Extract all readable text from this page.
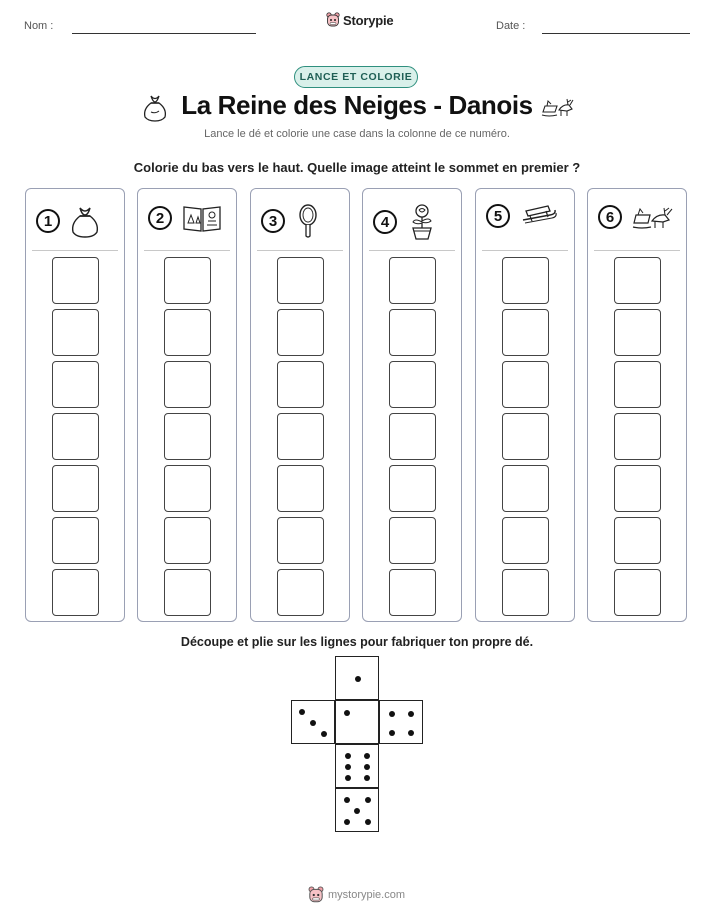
Nom :	Storypie	Date :
LANCE ET COLORIE
La Reine des Neiges - Danois
Lance le dé et colorie une case dans la colonne de ce numéro.
Colorie du bas vers le haut. Quelle image atteint le sommet en premier ?
1	2	3	4	5	6
Découpe et plie sur les lignes pour fabriquer ton propre dé.
mystorypie.com
